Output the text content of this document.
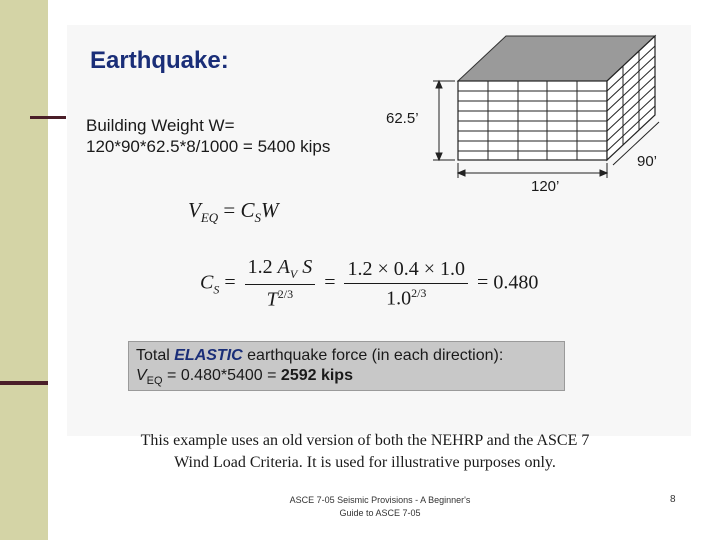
Earthquake:
Building Weight W=
120*90*62.5*8/1000 = 5400 kips
$V_{EQ} = C_SW$
$C_S = \frac{1.2 A_V S}{T^{2/3}} = \frac{1.2 \times 0.4 \times 1.0}{1.0^{2/3}} = 0.480$
Total ELASTIC earthquake force (in each direction):
$V_{EQ} = 0.480*5400 = 2592$ kips
62.5’
90’
120’
This example uses an old version of both the NEHRP and the ASCE 7
Wind Load Criteria. It is used for illustrative purposes only.
ASCE 7-05 Seismic Provisions - A Beginner's
Guide to ASCE 7-05
8
